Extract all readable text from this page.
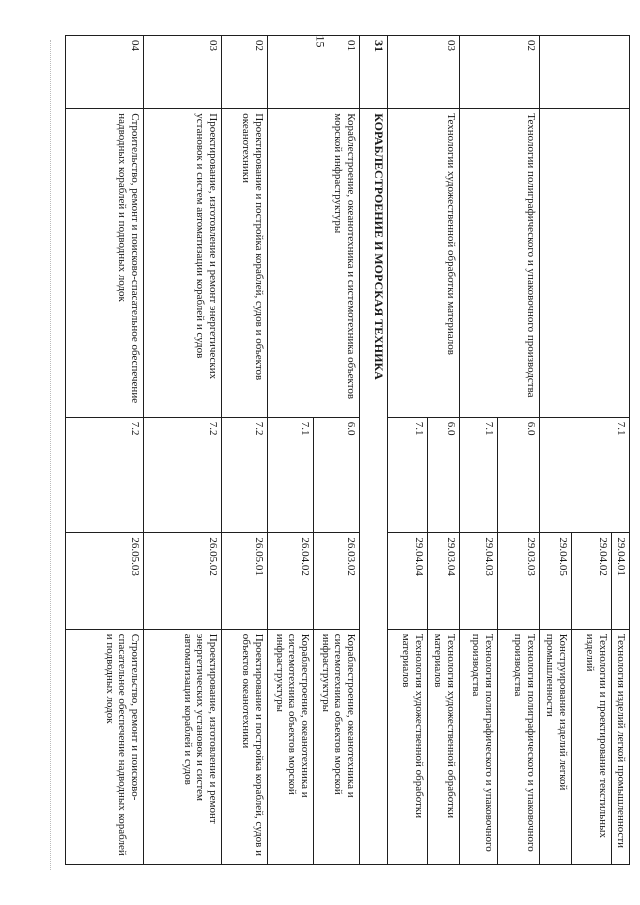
15
		7.1	29.04.01	Технология изделий легкой промышленности
			29.04.02	Технологии и проектирование текстильных изделий
			29.04.05	Конструирование изделий легкой промышленности
02	Технологии полиграфического и упаковочного производства	6.0	29.03.03	Технология полиграфического и упаковочного производства
		7.1	29.04.03	Технология полиграфического и упаковочного производства
03	Технологии художественной обработки материалов	6.0	29.03.04	Технология художественной обработки материалов
		7.1	29.04.04	Технология художественной обработки материалов
31	КОРАБЛЕСТРОЕНИЕ И МОРСКАЯ ТЕХНИКА			
01	Кораблестроение, океанотехника и системотехника объектов морской инфраструктуры	6.0	26.03.02	Кораблестроение, океанотехника и системотехника объектов морской инфраструктуры
		7.1	26.04.02	Кораблестроение, океанотехника и системотехника объектов морской инфраструктуры
02	Проектирование и постройка кораблей, судов и объектов океанотехники	7.2	26.05.01	Проектирование и постройка кораблей, судов и объектов океанотехники
03	Проектирование, изготовление и ремонт энергетических установок и систем автоматизации кораблей и судов	7.2	26.05.02	Проектирование, изготовление и ремонт энергетических установок и систем автоматизации кораблей и судов
04	Строительство, ремонт и поисково-спасательное обеспечение надводных кораблей и подводных лодок	7.2	26.05.03	Строительство, ремонт и поисково-спасательное обеспечение надводных кораблей и подводных лодок
